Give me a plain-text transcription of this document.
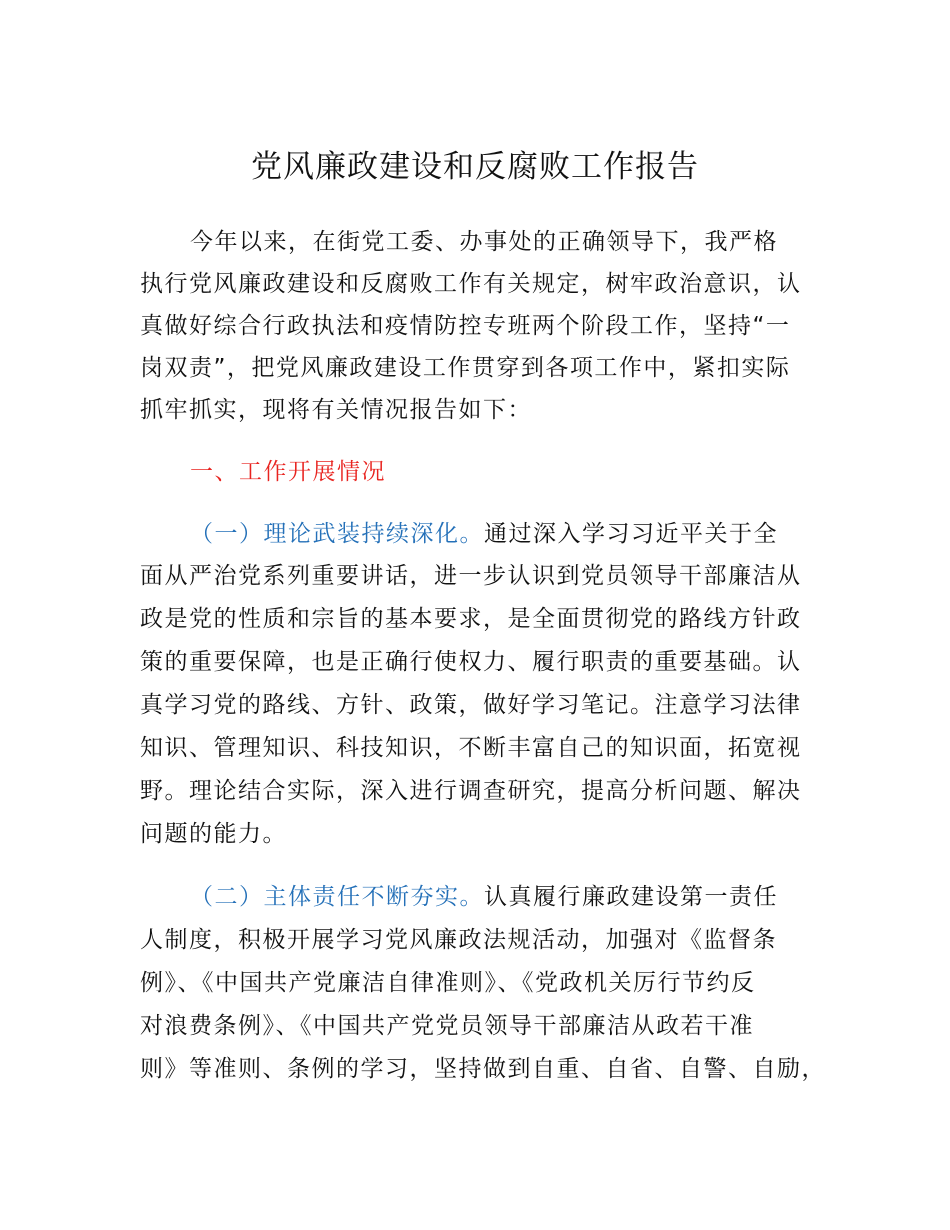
党风廉政建设和反腐败工作报告
今年以来，在街党工委、办事处的正确领导下，我严格
执行党风廉政建设和反腐败工作有关规定，树牢政治意识，认
真做好综合行政执法和疫情防控专班两个阶段工作，坚持“一
岗双责”，把党风廉政建设工作贯穿到各项工作中，紧扣实际
抓牢抓实，现将有关情况报告如下：
一、工作开展情况
（一）理论武装持续深化。通过深入学习习近平关于全
面从严治党系列重要讲话，进一步认识到党员领导干部廉洁从
政是党的性质和宗旨的基本要求，是全面贯彻党的路线方针政
策的重要保障，也是正确行使权力、履行职责的重要基础。认
真学习党的路线、方针、政策，做好学习笔记。注意学习法律
知识、管理知识、科技知识，不断丰富自己的知识面，拓宽视
野。理论结合实际，深入进行调查研究，提高分析问题、解决
问题的能力。
（二）主体责任不断夯实。认真履行廉政建设第一责任
人制度，积极开展学习党风廉政法规活动，加强对《监督条
例》、《中国共产党廉洁自律准则》、《党政机关厉行节约反
对浪费条例》、《中国共产党党员领导干部廉洁从政若干准
则》等准则、条例的学习，坚持做到自重、自省、自警、自励，
